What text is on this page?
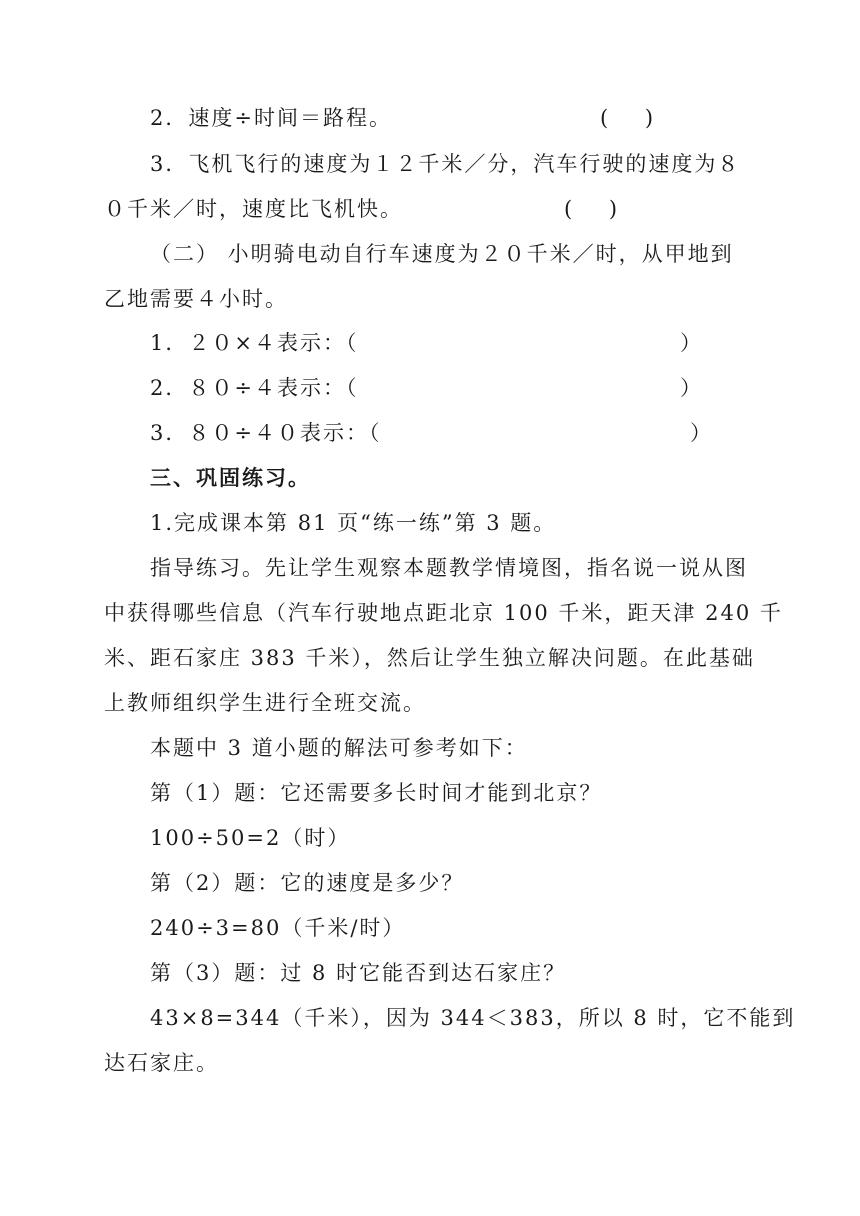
2．速度÷时间＝路程。	(    )
3．飞机飞行的速度为１２千米／分，汽车行驶的速度为８
０千米／时，速度比飞机快。	(    )
（二） 小明骑电动自行车速度为２０千米／时，从甲地到
乙地需要４小时。
1．２０×４表示：（	）
2．８０÷４表示：（	）
3．８０÷４０表示：（	）
三、巩固练习。
1.完成课本第 81 页“练一练”第 3 题。
指导练习。先让学生观察本题教学情境图，指名说一说从图
中获得哪些信息（汽车行驶地点距北京 100 千米，距天津 240 千
米、距石家庄 383 千米），然后让学生独立解决问题。在此基础
上教师组织学生进行全班交流。
本题中 3 道小题的解法可参考如下：
第（1）题：它还需要多长时间才能到北京？
100÷50=2（时）
第（2）题：它的速度是多少？
240÷3=80（千米/时）
第（3）题：过 8 时它能否到达石家庄？
43×8=344（千米），因为 344＜383，所以 8 时，它不能到
达石家庄。
